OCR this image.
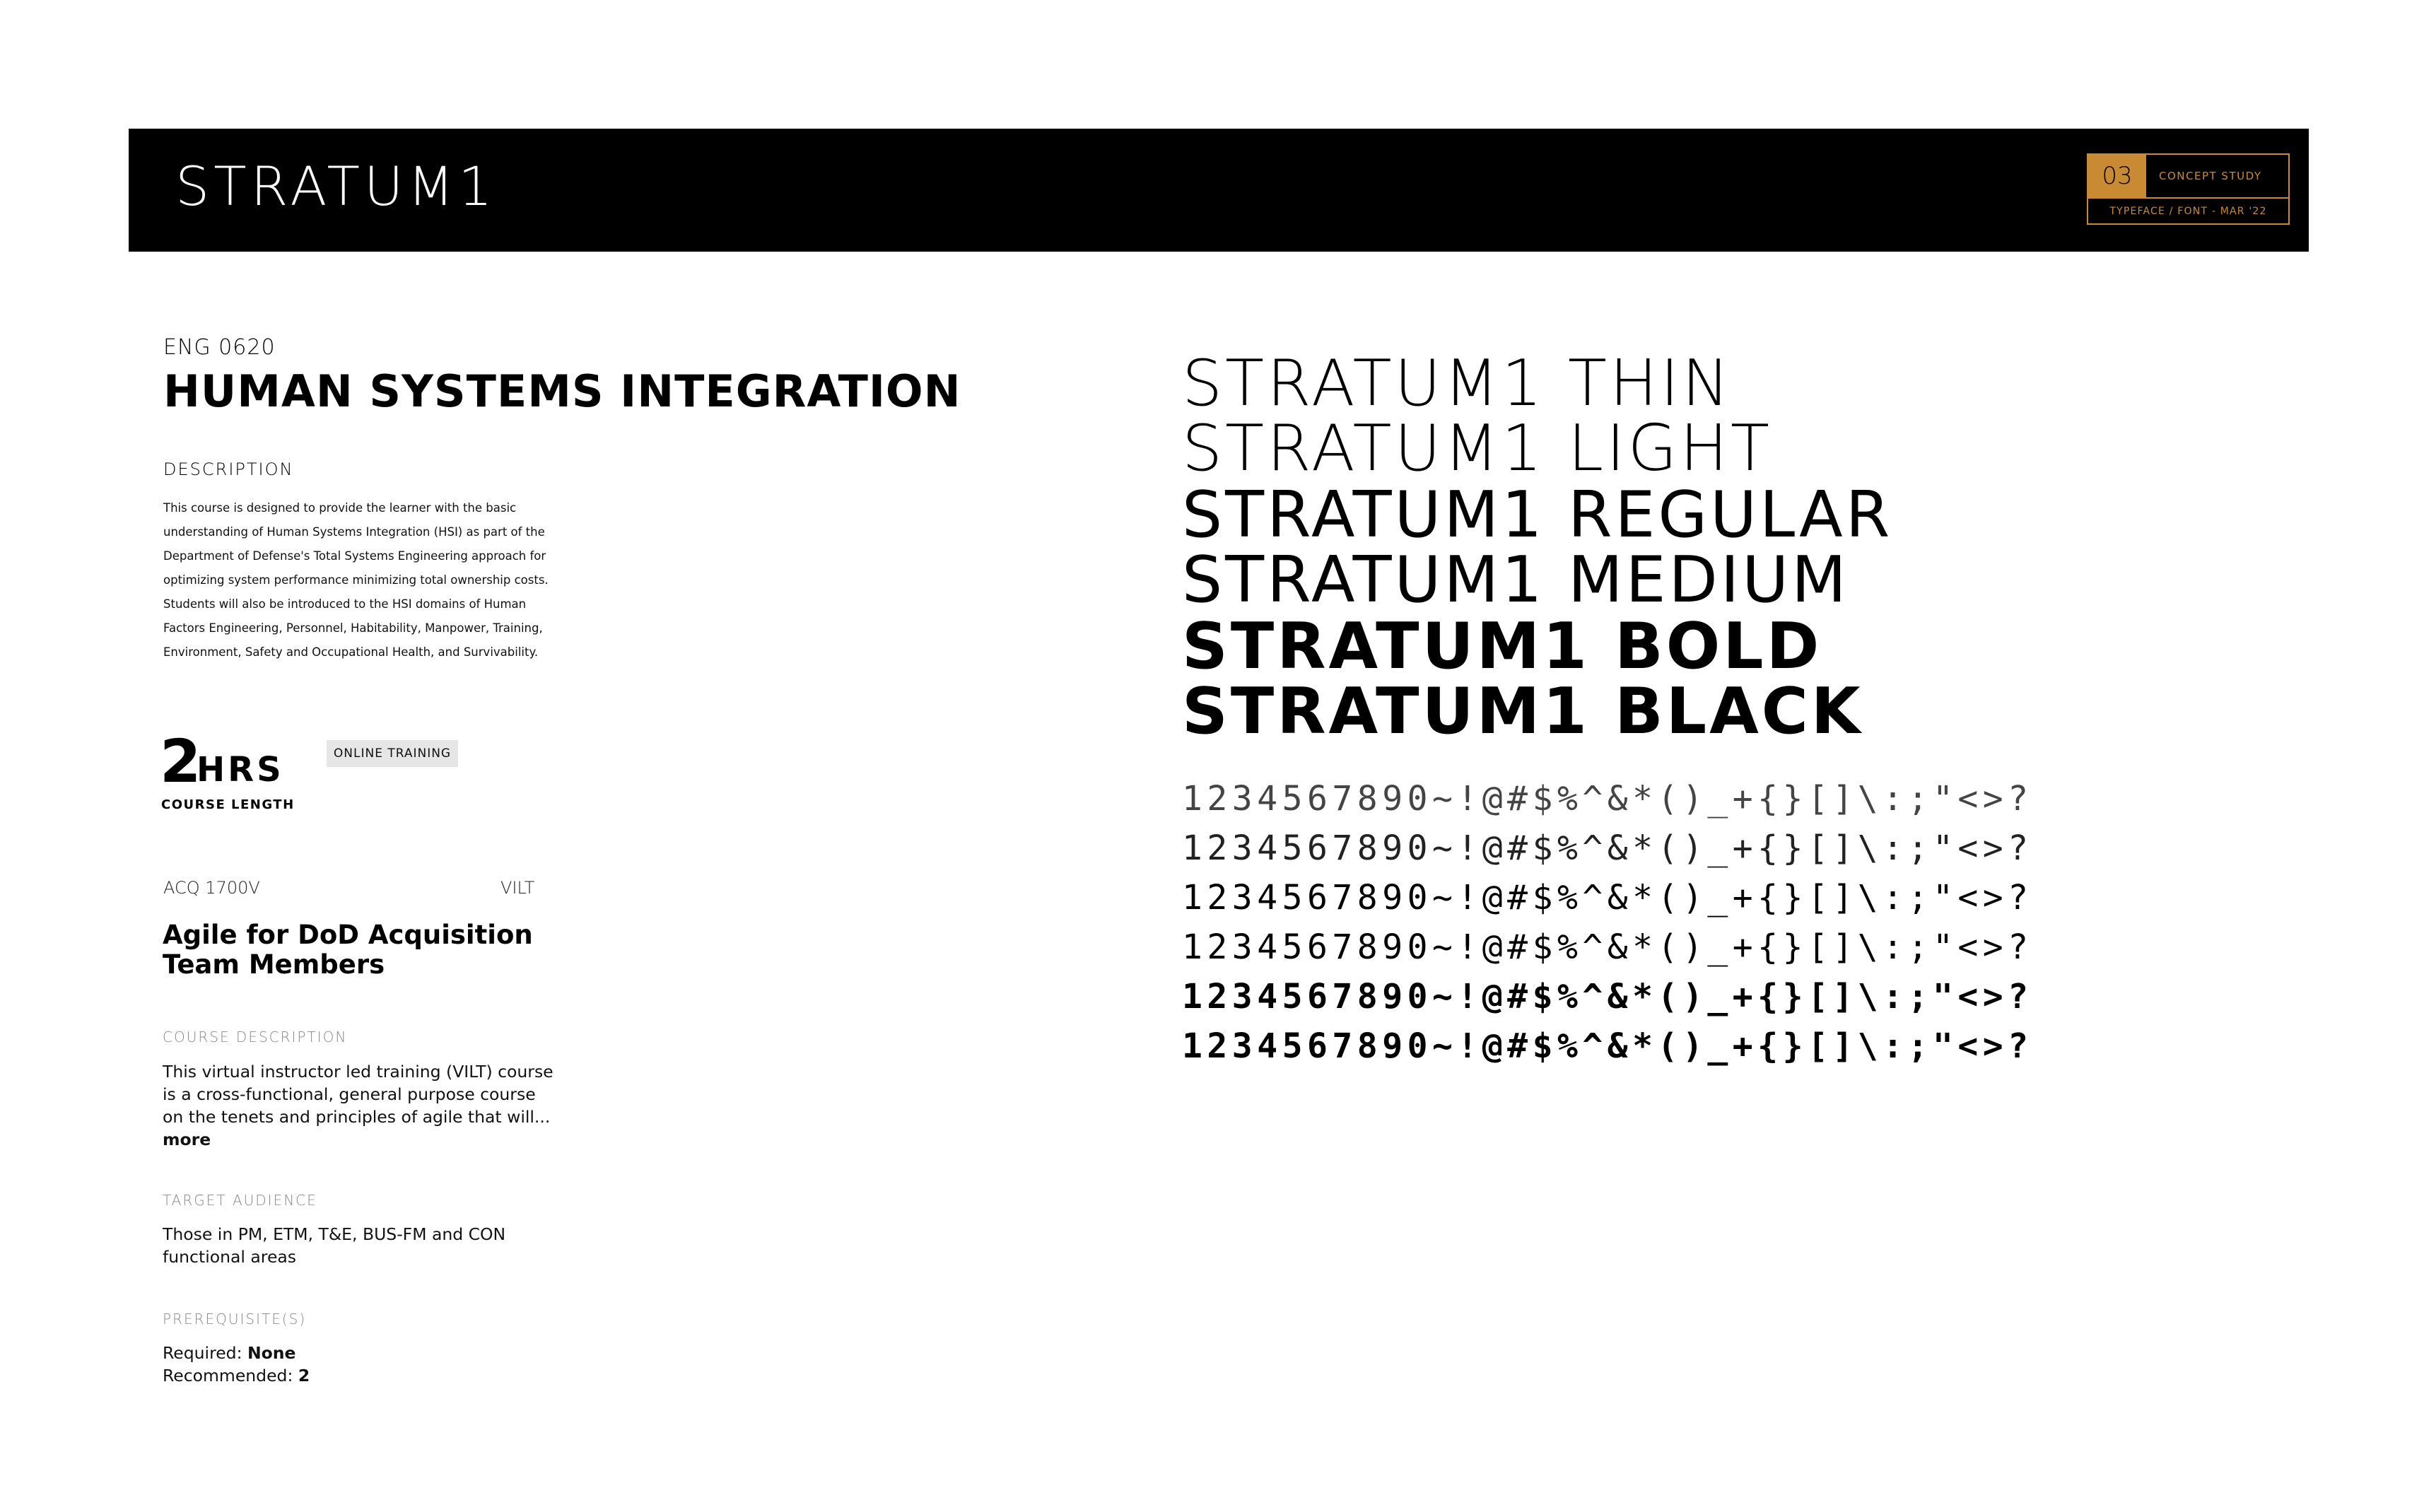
STRATUM1	03	CONCEPT STUDY
TYPEFACE / FONT - MAR '22
ENG 0620
HUMAN SYSTEMS INTEGRATION
DESCRIPTION
This course is designed to provide the learner with the basic understanding of Human Systems Integration (HSI) as part of the Department of Defense's Total Systems Engineering approach for optimizing system performance minimizing total ownership costs. Students will also be introduced to the HSI domains of Human Factors Engineering, Personnel, Habitability, Manpower, Training, Environment, Safety and Occupational Health, and Survivability.
2
HRS
COURSE LENGTH
ONLINE TRAINING
ACQ 1700V	VILT
Agile for DoD Acquisition Team Members
COURSE DESCRIPTION
This virtual instructor led training (VILT) course is a cross-functional, general purpose course on the tenets and principles of agile that will... more
TARGET AUDIENCE
Those in PM, ETM, T&E, BUS-FM and CON functional areas
PREREQUISITE(S)
Required: None
Recommended: 2
STRATUM1 THIN
STRATUM1 LIGHT
STRATUM1 REGULAR
STRATUM1 MEDIUM
STRATUM1 BOLD
STRATUM1 BLACK
1234567890~!@#$%^&*()_+{}[]\:;"<>?
1234567890~!@#$%^&*()_+{}[]\:;"<>?
1234567890~!@#$%^&*()_+{}[]\:;"<>?
1234567890~!@#$%^&*()_+{}[]\:;"<>?
1234567890~!@#$%^&*()_+{}[]\:;"<>?
1234567890~!@#$%^&*()_+{}[]\:;"<>?
